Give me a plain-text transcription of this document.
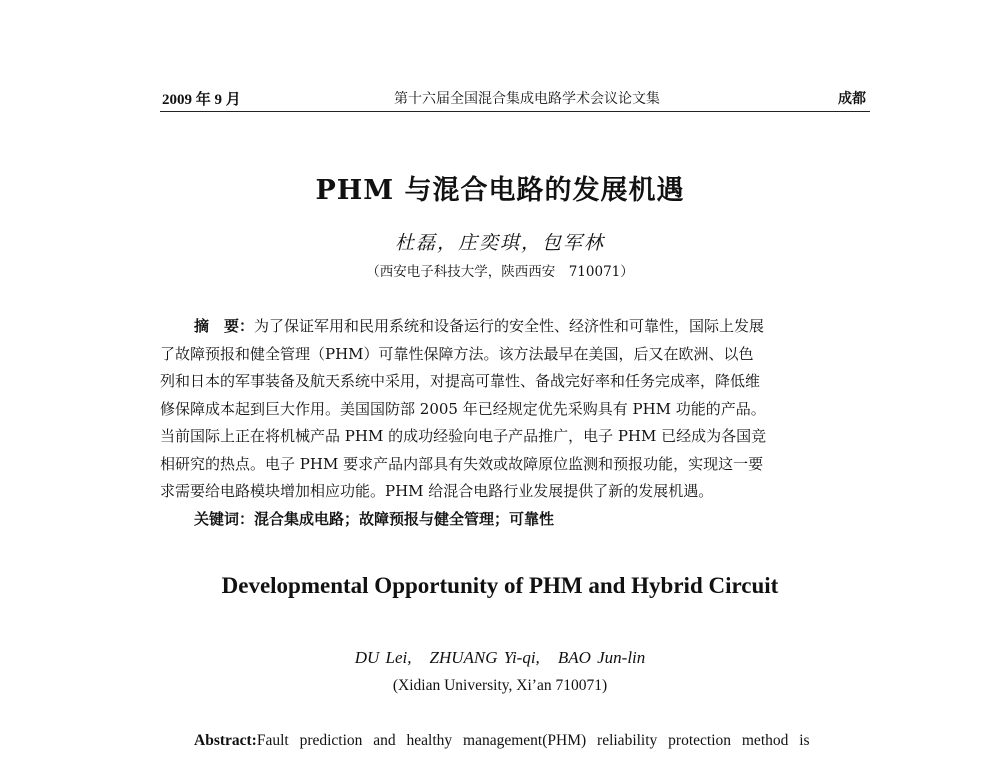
2009 年 9 月	第十六届全国混合集成电路学术会议论文集	成都
PHM 与混合电路的发展机遇
杜磊，庄奕琪，包军林
（西安电子科技大学，陕西西安　710071）
摘　要：为了保证军用和民用系统和设备运行的安全性、经济性和可靠性，国际上发展
了故障预报和健全管理（PHM）可靠性保障方法。该方法最早在美国，后又在欧洲、以色
列和日本的军事装备及航天系统中采用，对提高可靠性、备战完好率和任务完成率，降低维
修保障成本起到巨大作用。美国国防部 2005 年已经规定优先采购具有 PHM 功能的产品。
当前国际上正在将机械产品 PHM 的成功经验向电子产品推广，电子 PHM 已经成为各国竞
相研究的热点。电子 PHM 要求产品内部具有失效或故障原位监测和预报功能，实现这一要
求需要给电路模块增加相应功能。PHM 给混合电路行业发展提供了新的发展机遇。
关键词：混合集成电路；故障预报与健全管理；可靠性
Developmental Opportunity of PHM and Hybrid Circuit
DU Lei, ZHUANG Yi-qi, BAO Jun-lin
(Xidian University, Xi’an 710071)
Abstract:Fault prediction and healthy management(PHM) reliability protection method is
